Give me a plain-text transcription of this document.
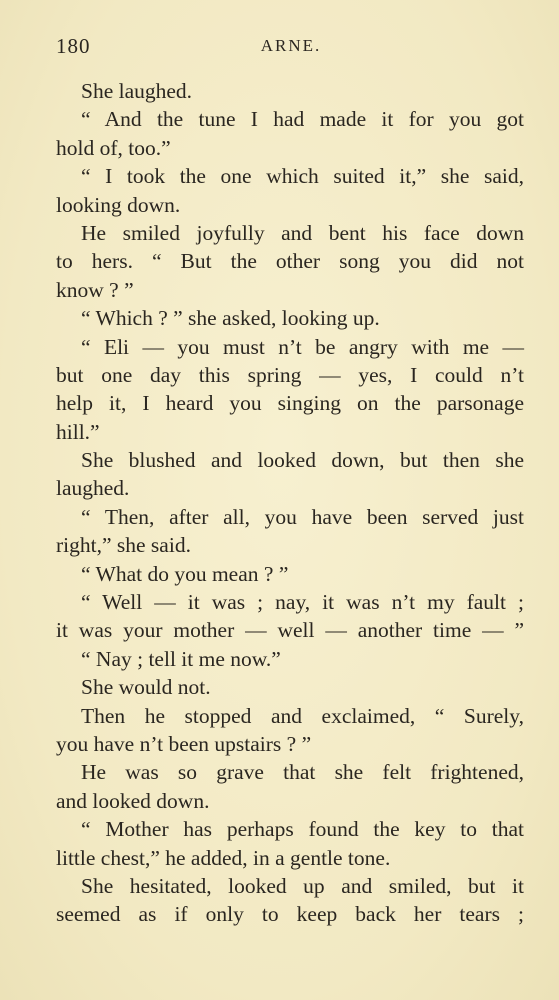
180	ARNE.
She laughed.
“ And the tune I had made it for you got
hold of, too.”
“ I took the one which suited it,” she said,
looking down.
He smiled joyfully and bent his face down
to hers. “ But the other song you did not
know ? ”
“ Which ? ” she asked, looking up.
“ Eli — you must n’t be angry with me —
but one day this spring — yes, I could n’t
help it, I heard you singing on the parsonage
hill.”
She blushed and looked down, but then she
laughed.
“ Then, after all, you have been served just
right,” she said.
“ What do you mean ? ”
“ Well — it was ; nay, it was n’t my fault ;
it was your mother — well — another time — ”
“ Nay ; tell it me now.”
She would not.
Then he stopped and exclaimed, “ Surely,
you have n’t been upstairs ? ”
He was so grave that she felt frightened,
and looked down.
“ Mother has perhaps found the key to that
little chest,” he added, in a gentle tone.
She hesitated, looked up and smiled, but it
seemed as if only to keep back her tears ;
